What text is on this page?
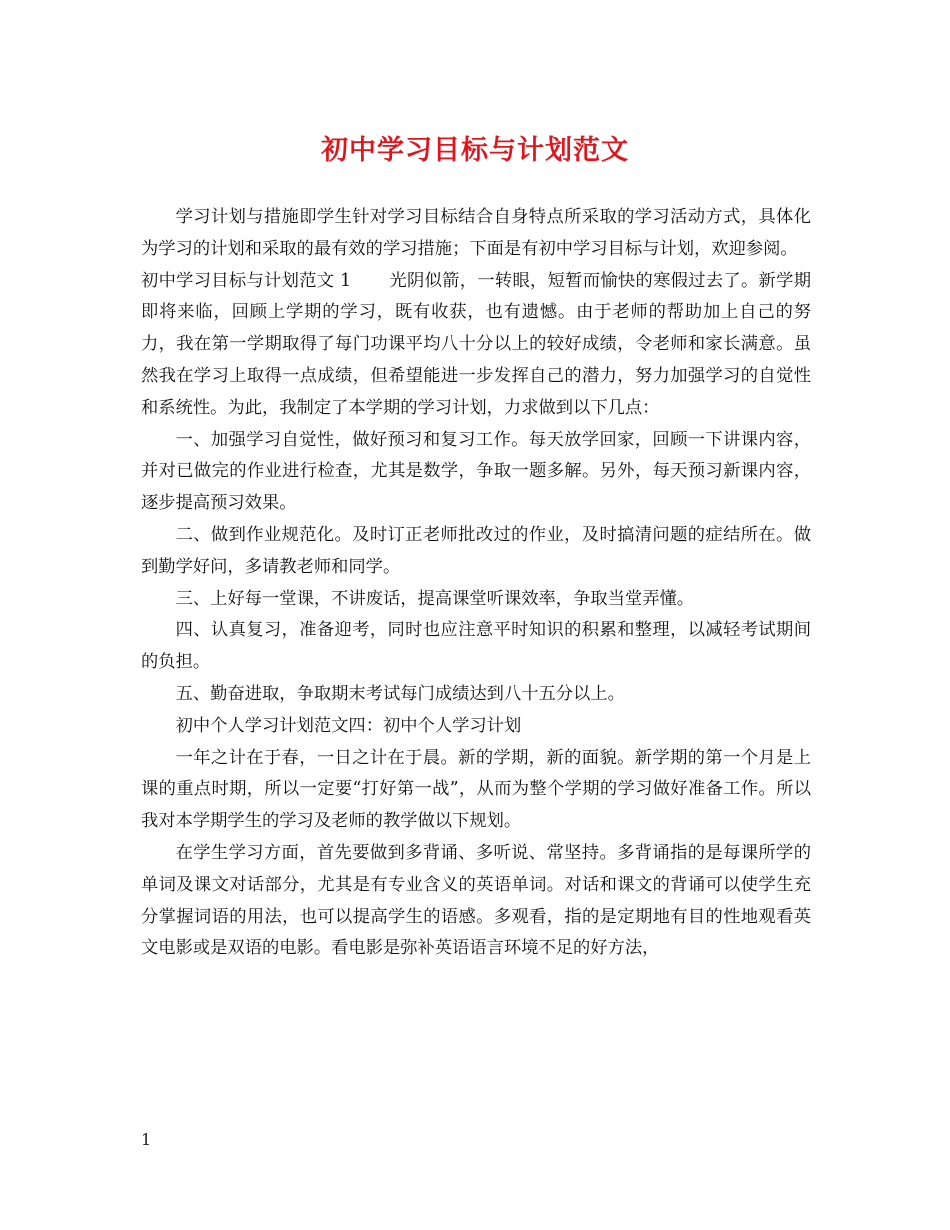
初中学习目标与计划范文

学习计划与措施即学生针对学习目标结合自身特点所采取的学习活动方式，具体化为学习的计划和采取的最有效的学习措施；下面是有初中学习目标与计划，欢迎参阅。

初中学习目标与计划范文 1 光阴似箭，一转眼，短暂而愉快的寒假过去了。新学期即将来临，回顾上学期的学习，既有收获，也有遗憾。由于老师的帮助加上自己的努力，我在第一学期取得了每门功课平均八十分以上的较好成绩，令老师和家长满意。虽然我在学习上取得一点成绩，但希望能进一步发挥自己的潜力，努力加强学习的自觉性和系统性。为此，我制定了本学期的学习计划，力求做到以下几点：

一、加强学习自觉性，做好预习和复习工作。每天放学回家，回顾一下讲课内容，并对已做完的作业进行检查，尤其是数学，争取一题多解。另外，每天预习新课内容，逐步提高预习效果。

二、做到作业规范化。及时订正老师批改过的作业，及时搞清问题的症结所在。做到勤学好问，多请教老师和同学。

三、上好每一堂课，不讲废话，提高课堂听课效率，争取当堂弄懂。

四、认真复习，准备迎考，同时也应注意平时知识的积累和整理，以减轻考试期间的负担。

五、勤奋进取，争取期末考试每门成绩达到八十五分以上。

初中个人学习计划范文四：初中个人学习计划

一年之计在于春，一日之计在于晨。新的学期，新的面貌。新学期的第一个月是上课的重点时期，所以一定要“打好第一战”，从而为整个学期的学习做好准备工作。所以我对本学期学生的学习及老师的教学做以下规划。

在学生学习方面，首先要做到多背诵、多听说、常坚持。多背诵指的是每课所学的单词及课文对话部分，尤其是有专业含义的英语单词。对话和课文的背诵可以使学生充分掌握词语的用法，也可以提高学生的语感。多观看，指的是定期地有目的性地观看英文电影或是双语的电影。看电影是弥补英语语言环境不足的好方法，

1
